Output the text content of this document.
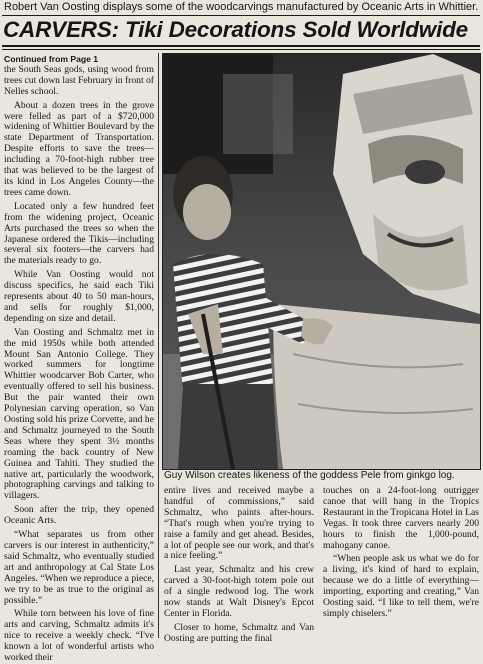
Robert Van Oosting displays some of the woodcarvings manufactured by Oceanic Arts in Whittier.
CARVERS: Tiki Decorations Sold Worldwide
Continued from Page 1

the South Seas gods, using wood from trees cut down last February in front of Nelles school.

About a dozen trees in the grove were felled as part of a $720,000 widening of Whittier Boulevard by the state Department of Transportation. Despite efforts to save the trees—including a 70-foot-high rubber tree that was believed to be the largest of its kind in Los Angeles County—the trees came down.

Located only a few hundred feet from the widening project, Oceanic Arts purchased the trees so when the Japanese ordered the Tikis—including several six footers—the carvers had the materials ready to go.

While Van Oosting would not discuss specifics, he said each Tiki represents about 40 to 50 man-hours, and sells for roughly $1,000, depending on size and detail.

Van Oosting and Schmaltz met in the mid 1950s while both attended Mount San Antonio College. They worked summers for longtime Whittier woodcarver Bob Carter, who eventually offered to sell his business. But the pair wanted their own Polynesian carving operation, so Van Oosting sold his prize Corvette, and he and Schmaltz journeyed to the South Seas where they spent 3½ months roaming the back country of New Guinea and Tahiti. They studied the native art, particularly the woodwork, photographing carvings and talking to villagers.

Soon after the trip, they opened Oceanic Arts.

“What separates us from other carvers is our interest in authenticity,” said Schmaltz, who eventually studied art and anthropology at Cal State Los Angeles. “When we reproduce a piece, we try to be as true to the original as possible.”

While torn between his love of fine arts and carving, Schmaltz admits it's nice to receive a weekly check. “I've known a lot of wonderful artists who worked their

Guy Wilson creates likeness of the goddess Pele from ginkgo log.

entire lives and received maybe a handful of commissions,” said Schmaltz, who paints after-hours. “That's rough when you're trying to raise a family and get ahead. Besides, a lot of people see our work, and that's a nice feeling.”

Last year, Schmaltz and his crew carved a 30-foot-high totem pole out of a single redwood log. The work now stands at Walt Disney's Epcot Center in Florida.

Closer to home, Schmaltz and Van Oosting are putting the final

touches on a 24-foot-long outrigger canoe that will hang in the Tropics Restaurant in the Tropicana Hotel in Las Vegas. It took three carvers nearly 200 hours to finish the 1,000-pound, mahogany canoe.

“When people ask us what we do for a living, it's kind of hard to explain, because we do a little of everything—importing, exporting and creating,” Van Oosting said. “I like to tell them, we're simply chiselers.”
